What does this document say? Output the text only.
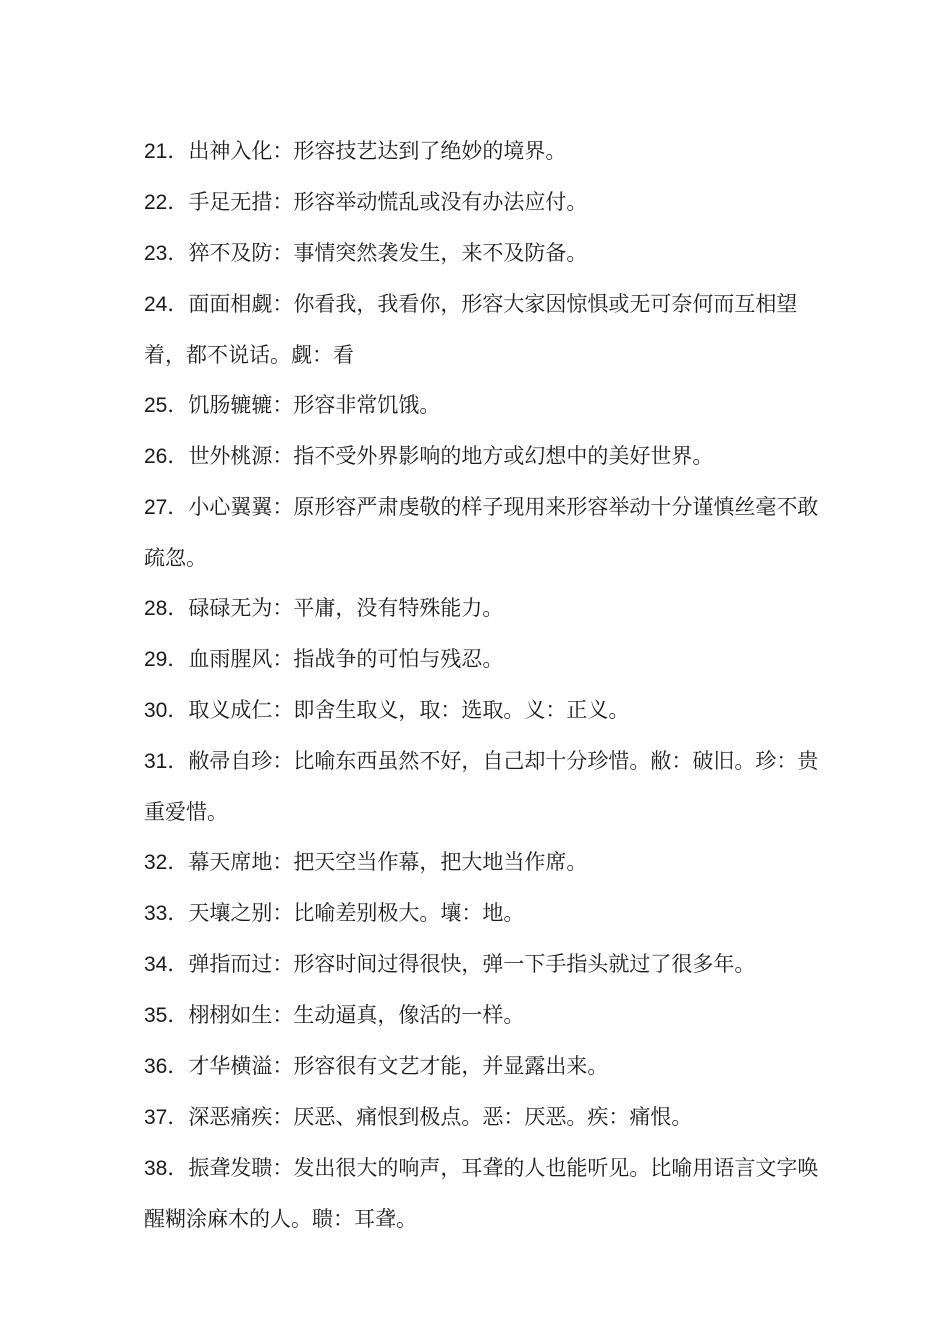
21．出神入化：形容技艺达到了绝妙的境界。

22．手足无措：形容举动慌乱或没有办法应付。

23．猝不及防：事情突然袭发生，来不及防备。

24．面面相觑：你看我，我看你，形容大家因惊惧或无可奈何而互相望着，都不说话。觑：看

25．饥肠辘辘：形容非常饥饿。

26．世外桃源：指不受外界影响的地方或幻想中的美好世界。

27．小心翼翼：原形容严肃虔敬的样子现用来形容举动十分谨慎丝毫不敢疏忽。

28．碌碌无为：平庸，没有特殊能力。

29．血雨腥风：指战争的可怕与残忍。

30．取义成仁：即舍生取义，取：选取。义：正义。

31．敝帚自珍：比喻东西虽然不好，自己却十分珍惜。敝：破旧。珍：贵重爱惜。

32．幕天席地：把天空当作幕，把大地当作席。

33．天壤之别：比喻差别极大。壤：地。

34．弹指而过：形容时间过得很快，弹一下手指头就过了很多年。

35．栩栩如生：生动逼真，像活的一样。

36．才华横溢：形容很有文艺才能，并显露出来。

37．深恶痛疾：厌恶、痛恨到极点。恶：厌恶。疾：痛恨。

38．振聋发聩：发出很大的响声，耳聋的人也能听见。比喻用语言文字唤醒糊涂麻木的人。聩：耳聋。
